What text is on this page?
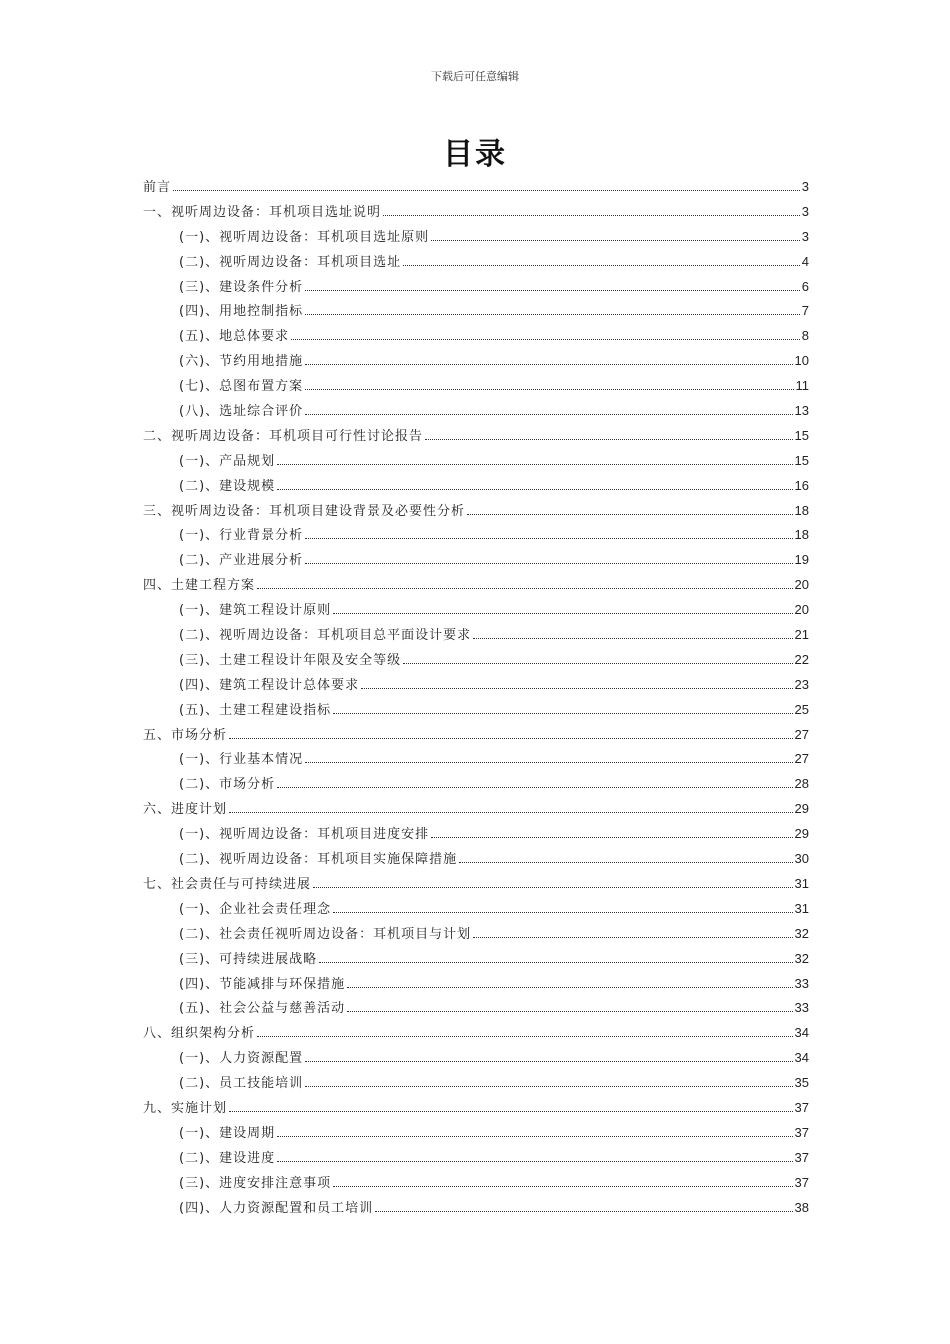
下载后可任意编辑
目录
前言	3
一、视听周边设备：耳机项目选址说明	3
(一)、视听周边设备：耳机项目选址原则	3
(二)、视听周边设备：耳机项目选址	4
(三)、建设条件分析	6
(四)、用地控制指标	7
(五)、地总体要求	8
(六)、节约用地措施	10
(七)、总图布置方案	11
(八)、选址综合评价	13
二、视听周边设备：耳机项目可行性讨论报告	15
(一)、产品规划	15
(二)、建设规模	16
三、视听周边设备：耳机项目建设背景及必要性分析	18
(一)、行业背景分析	18
(二)、产业进展分析	19
四、土建工程方案	20
(一)、建筑工程设计原则	20
(二)、视听周边设备：耳机项目总平面设计要求	21
(三)、土建工程设计年限及安全等级	22
(四)、建筑工程设计总体要求	23
(五)、土建工程建设指标	25
五、市场分析	27
(一)、行业基本情况	27
(二)、市场分析	28
六、进度计划	29
(一)、视听周边设备：耳机项目进度安排	29
(二)、视听周边设备：耳机项目实施保障措施	30
七、社会责任与可持续进展	31
(一)、企业社会责任理念	31
(二)、社会责任视听周边设备：耳机项目与计划	32
(三)、可持续进展战略	32
(四)、节能减排与环保措施	33
(五)、社会公益与慈善活动	33
八、组织架构分析	34
(一)、人力资源配置	34
(二)、员工技能培训	35
九、实施计划	37
(一)、建设周期	37
(二)、建设进度	37
(三)、进度安排注意事项	37
(四)、人力资源配置和员工培训	38
